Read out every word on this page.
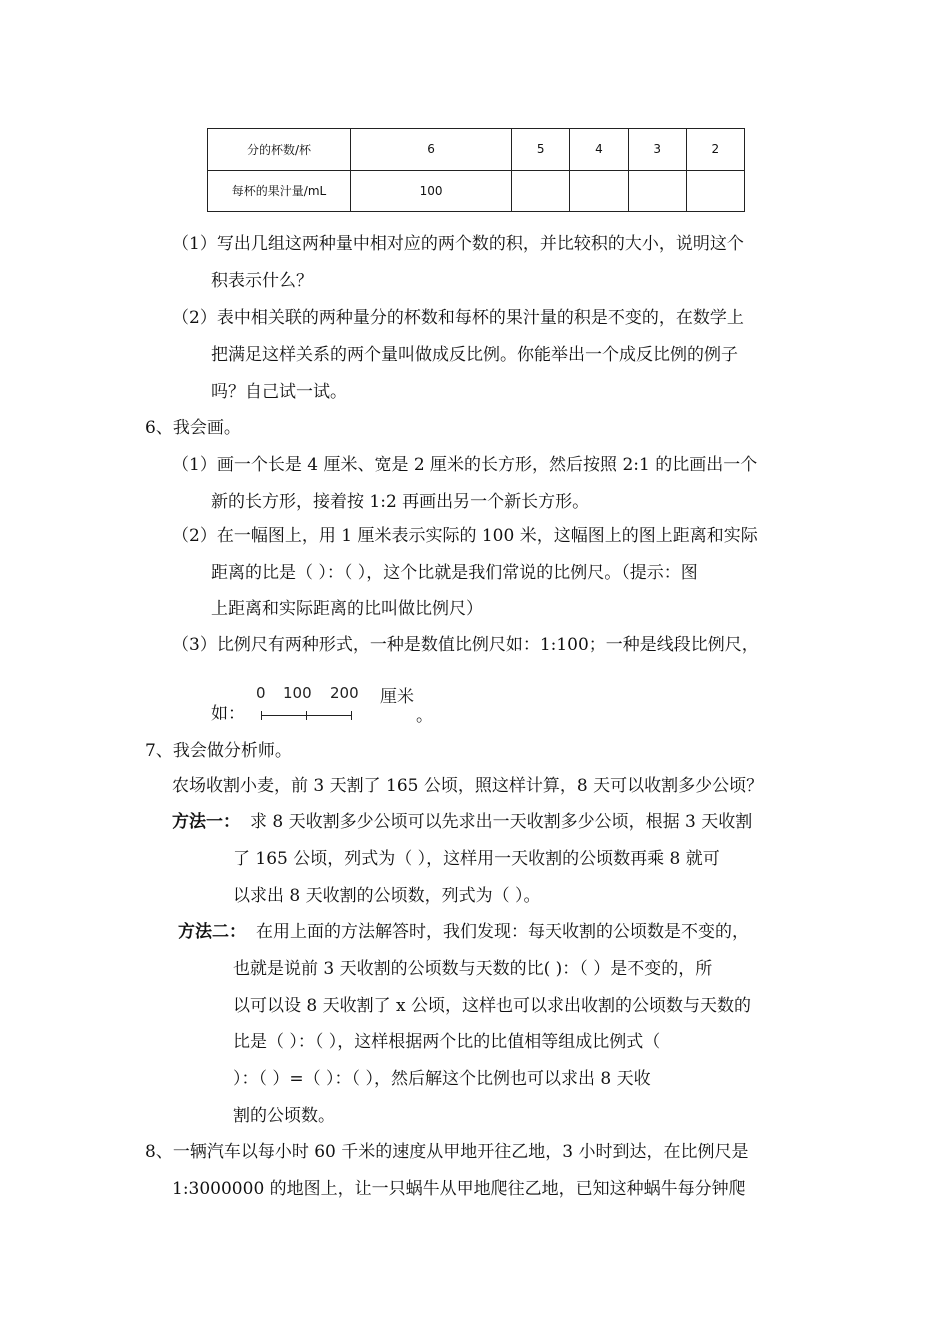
分的杯数/杯	6	5	4	3	2
每杯的果汁量/mL	100				
（1）写出几组这两种量中相对应的两个数的积，并比较积的大小，说明这个
积表示什么？
（2）表中相关联的两种量分的杯数和每杯的果汁量的积是不变的，在数学上
把满足这样关系的两个量叫做成反比例。你能举出一个成反比例的例子
吗？自己试一试。
6、我会画。
（1）画一个长是 4 厘米、宽是 2 厘米的长方形，然后按照 2:1 的比画出一个
新的长方形，接着按 1:2 再画出另一个新长方形。
（2）在一幅图上，用 1 厘米表示实际的 100 米，这幅图上的图上距离和实际
距离的比是（ ）：（ ），这个比就是我们常说的比例尺。（提示：图
上距离和实际距离的比叫做比例尺）
（3）比例尺有两种形式，一种是数值比例尺如：1:100；一种是线段比例尺，
如：
0 100 200 厘米
。
7、我会做分析师。
农场收割小麦，前 3 天割了 165 公顷，照这样计算，8 天可以收割多少公顷？
方法一： 求 8 天收割多少公顷可以先求出一天收割多少公顷，根据 3 天收割
了 165 公顷，列式为（ ），这样用一天收割的公顷数再乘 8 就可
以求出 8 天收割的公顷数，列式为（ ）。
方法二： 在用上面的方法解答时，我们发现：每天收割的公顷数是不变的，
也就是说前 3 天收割的公顷数与天数的比( )：（ ）是不变的，所
以可以设 8 天收割了 x 公顷，这样也可以求出收割的公顷数与天数的
比是（ ）：（ ），这样根据两个比的比值相等组成比例式（
）：（ ）=（ ）：（ ），然后解这个比例也可以求出 8 天收
割的公顷数。
8、一辆汽车以每小时 60 千米的速度从甲地开往乙地，3 小时到达，在比例尺是
1:3000000 的地图上，让一只蜗牛从甲地爬往乙地，已知这种蜗牛每分钟爬
